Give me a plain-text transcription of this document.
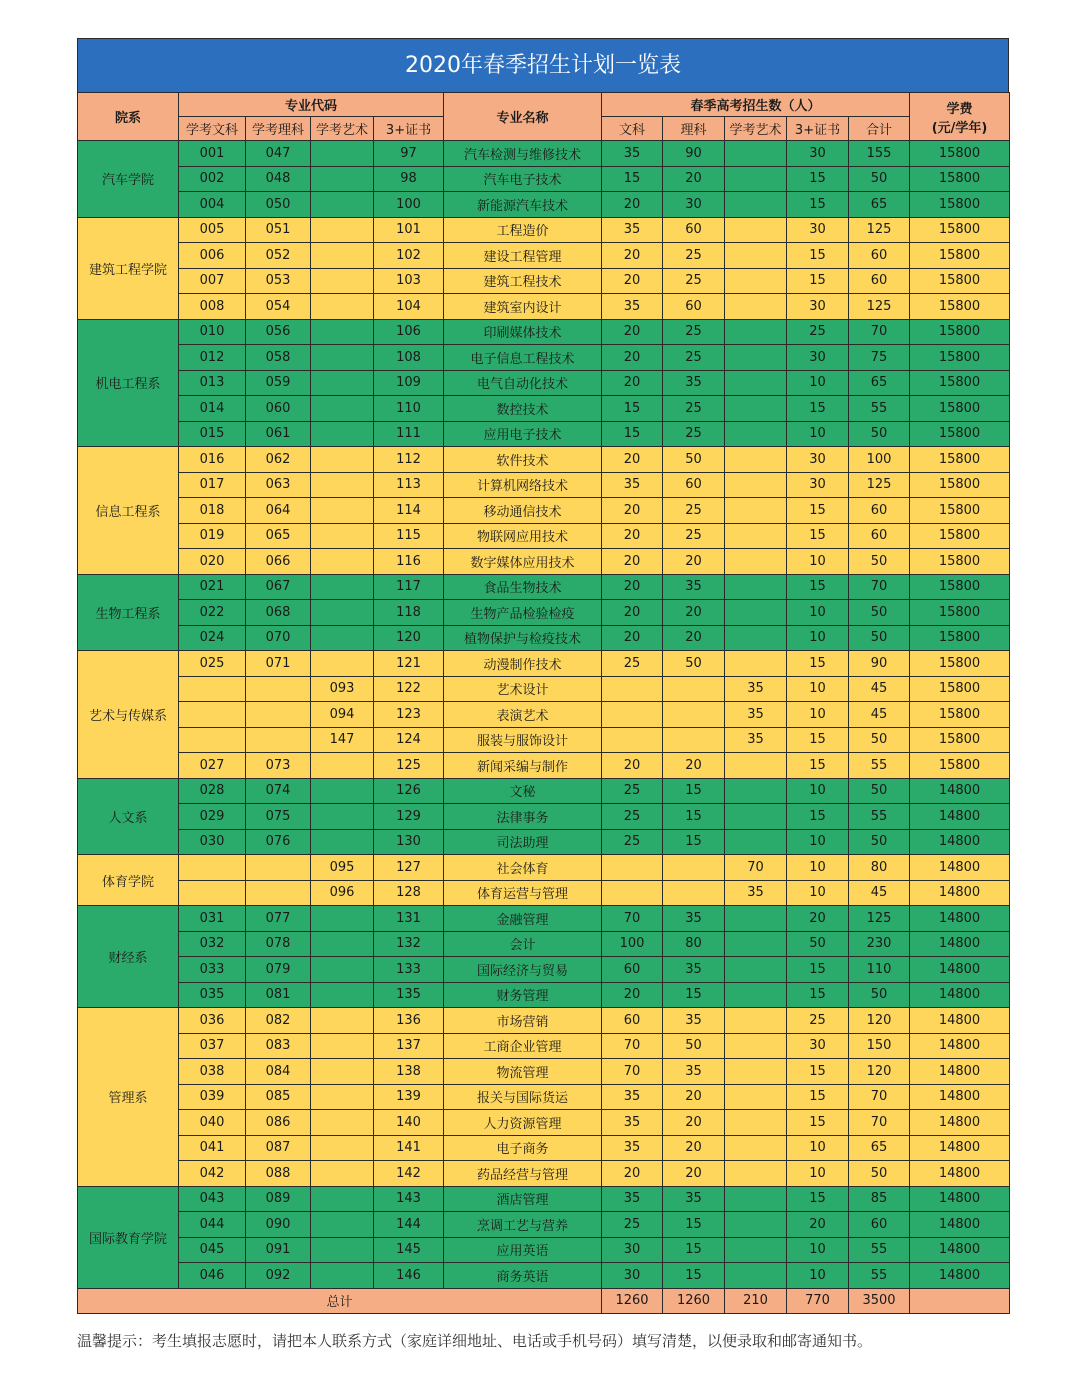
2020年春季招生计划一览表
院系	专业代码				专业名称	春季高考招生数（人）					学费
(元/学年)

	学考文科	学考理科	学考艺术	3+证书		文科	理科	学考艺术	3+证书	合计	
汽车学院	001	047		97	汽车检测与维修技术	35	90		30	155	15800
	002	048		98	汽车电子技术	15	20		15	50	15800
	004	050		100	新能源汽车技术	20	30		15	65	15800
建筑工程学院	005	051		101	工程造价	35	60		30	125	15800
	006	052		102	建设工程管理	20	25		15	60	15800
	007	053		103	建筑工程技术	20	25		15	60	15800
	008	054		104	建筑室内设计	35	60		30	125	15800
机电工程系	010	056		106	印刷媒体技术	20	25		25	70	15800
	012	058		108	电子信息工程技术	20	25		30	75	15800
	013	059		109	电气自动化技术	20	35		10	65	15800
	014	060		110	数控技术	15	25		15	55	15800
	015	061		111	应用电子技术	15	25		10	50	15800
信息工程系	016	062		112	软件技术	20	50		30	100	15800
	017	063		113	计算机网络技术	35	60		30	125	15800
	018	064		114	移动通信技术	20	25		15	60	15800
	019	065		115	物联网应用技术	20	25		15	60	15800
	020	066		116	数字媒体应用技术	20	20		10	50	15800
生物工程系	021	067		117	食品生物技术	20	35		15	70	15800
	022	068		118	生物产品检验检疫	20	20		10	50	15800
	024	070		120	植物保护与检疫技术	20	20		10	50	15800
艺术与传媒系	025	071		121	动漫制作技术	25	50		15	90	15800
			093	122	艺术设计			35	10	45	15800
			094	123	表演艺术			35	10	45	15800
			147	124	服装与服饰设计			35	15	50	15800
	027	073		125	新闻采编与制作	20	20		15	55	15800
人文系	028	074		126	文秘	25	15		10	50	14800
	029	075		129	法律事务	25	15		15	55	14800
	030	076		130	司法助理	25	15		10	50	14800
体育学院			095	127	社会体育			70	10	80	14800
			096	128	体育运营与管理			35	10	45	14800
财经系	031	077		131	金融管理	70	35		20	125	14800
	032	078		132	会计	100	80		50	230	14800
	033	079		133	国际经济与贸易	60	35		15	110	14800
	035	081		135	财务管理	20	15		15	50	14800
管理系	036	082		136	市场营销	60	35		25	120	14800
	037	083		137	工商企业管理	70	50		30	150	14800
	038	084		138	物流管理	70	35		15	120	14800
	039	085		139	报关与国际货运	35	20		15	70	14800
	040	086		140	人力资源管理	35	20		15	70	14800
	041	087		141	电子商务	35	20		10	65	14800
	042	088		142	药品经营与管理	20	20		10	50	14800
国际教育学院	043	089		143	酒店管理	35	35		15	85	14800
	044	090		144	烹调工艺与营养	25	15		20	60	14800
	045	091		145	应用英语	30	15		10	55	14800
	046	092		146	商务英语	30	15		10	55	14800
总计						1260	1260	210	770	3500	
温馨提示：考生填报志愿时，请把本人联系方式（家庭详细地址、电话或手机号码）填写清楚，以便录取和邮寄通知书。
